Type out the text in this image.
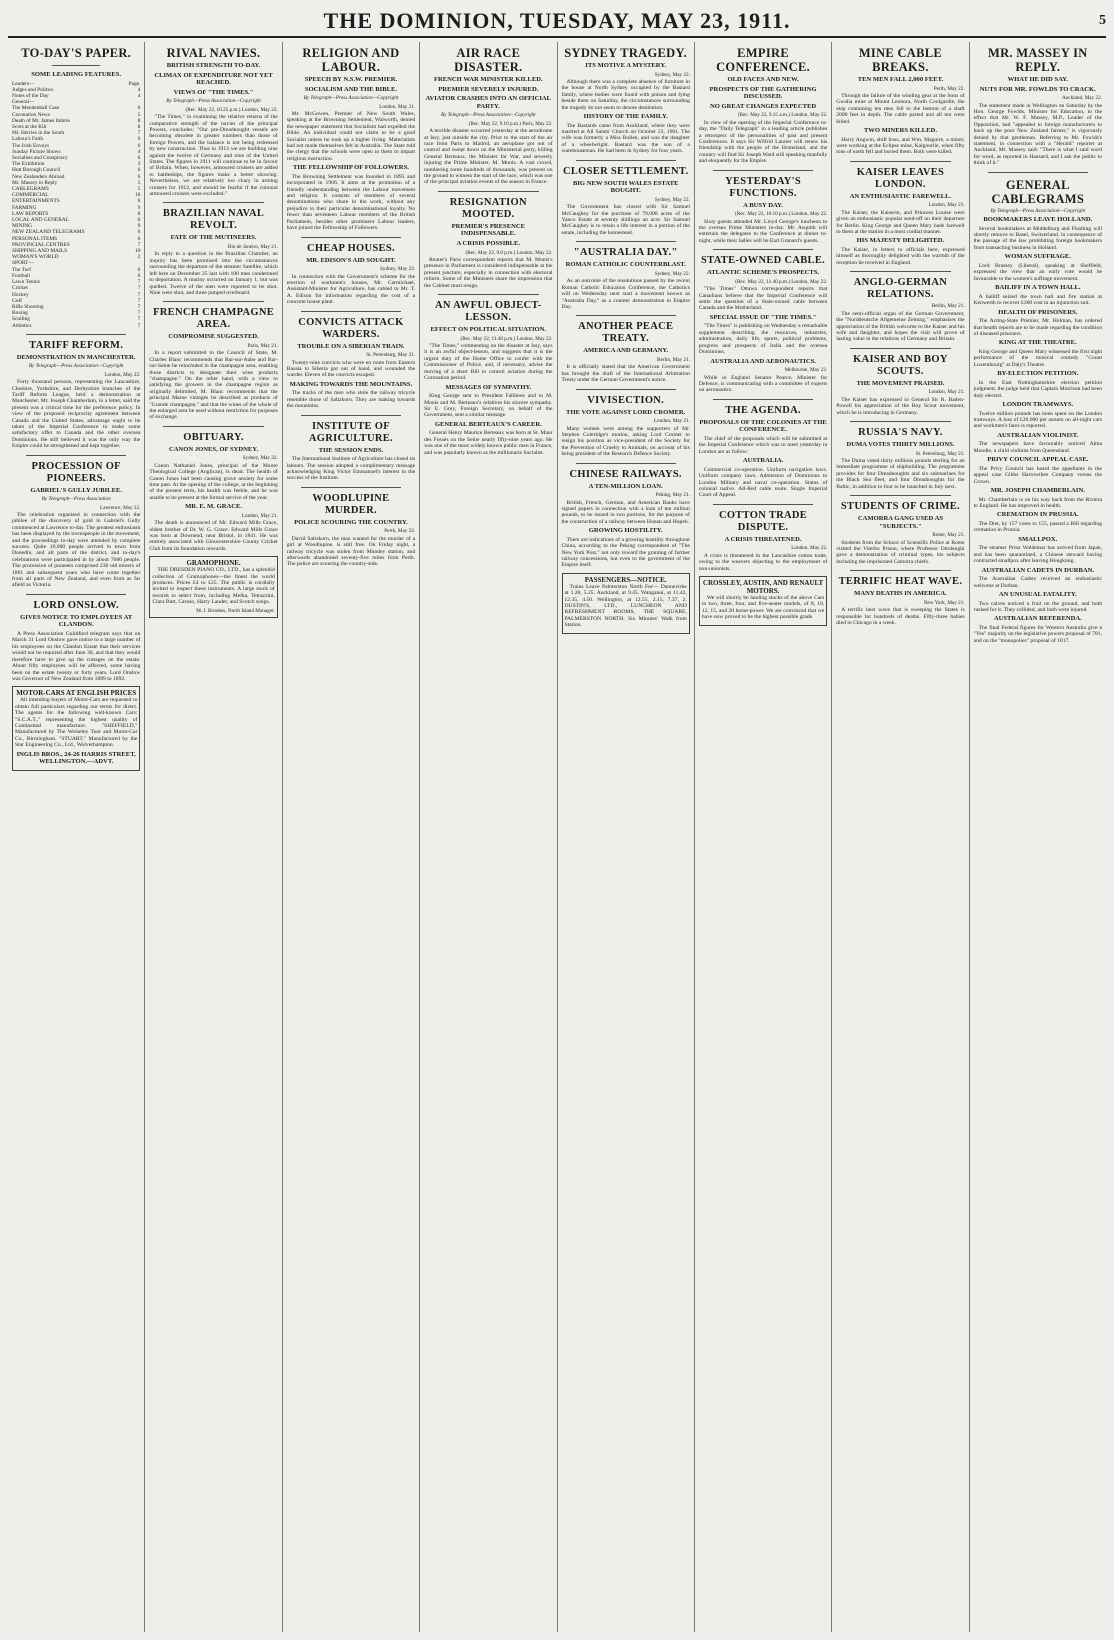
THE DOMINION, TUESDAY, MAY 23, 1911.	5
TO-DAY'S PAPER.
SOME LEADING FEATURES.
Leaders—	Page.
Judges and Politics	4
Notes of the Day	4
General—
The Mendenhall Case	6
Coronation News	5
Death of Mr. James Imbrie	8
Scots at the Kilt	8
Mr. Herries in the South	7
Labour's Faith	6
The Irish Envoys	6
Sunday Picture Shows	4
Socialists and Conspiracy	6
The Exhibition	3
Hutt Borough Council	6
New Zealanders Abroad	6
Mr. Massey in Reply	5
CABLEGRAMS	5
COMMERCIAL	10
ENTERTAINMENTS	6
FARMING	9
LAW REPORTS	8
LOCAL AND GENERAL	6
MINING	9
NEW ZEALAND TELEGRAMS	6
PERSONAL ITEMS	6
PROVINCIAL CENTRES	7
SHIPPING AND MAILS	10
WOMAN'S WORLD	2
SPORT—
The Turf	6
Football	6
Lawn Tennis	7
Cricket	7
Hockey	7
Golf	7
Rifle Shooting	7
Boxing	7
Sculling	7
Athletics	7
TARIFF REFORM.
DEMONSTRATION IN MANCHESTER.
By Telegraph—Press Association—Copyright
London, May 22.

Forty thousand persons, representing the Lancashire, Cheshire, Yorkshire, and Derbyshire branches of the Tariff Reform League, held a demonstration at Manchester. Mr. Joseph Chamberlain, in a letter, said the present was a critical time for the preference policy. In view of the proposed reciprocity agreement between Canada and the United States, advantage ought to be taken of the Imperial Conference to make some satisfactory offer to Canada and the other oversea Dominions. He still believed it was the only way the Empire could be strengthened and kept together.

PROCESSION OF PIONEERS.
GABRIEL'S GULLY JUBILEE.
By Telegraph—Press Association
Lawrence, May 22.

The celebration organised in connection with the jubilee of the discovery of gold in Gabriel's Gully commenced at Lawrence to-day. The greatest enthusiasm has been displayed by the townspeople in the movement, and the proceedings to-day were attended by complete success. Quite 10,000 people arrived in town from Dunedin, and all parts of the district, and to-day's celebrations were participated in by about 7000 people. The procession of pioneers comprised 230 old miners of 1861 and subsequent years who have come together from all parts of New Zealand, and even from as far afield as Victoria.

LORD ONSLOW.
GIVES NOTICE TO EMPLOYEES AT CLANDON.

A Press Association Guildford telegram says that on March 31 Lord Onslow gave notice to a large number of his employees on the Clandon Estate that their services would not be required after June 30, and that they would therefore have to give up the cottages on the estate. About fifty employees will be affected, some having been on the estate twenty or forty years. Lord Onslow was Governor of New Zealand from 1889 to 1892.

MOTOR-CARS AT ENGLISH PRICES

All intending buyers of Motor-Cars are requested to obtain full particulars regarding our terms for direct. The agents for the following well-known Cars: "S.C.A.T.," representing the highest quality of Continental manufacture. "SHEFFIELD," Manufactured by The Wolseley Tool and Motor-Car Co., Birmingham. "STUART," Manufactured by the Star Engineering Co., Ltd., Wolverhampton.

INGLIS BROS., 24-26 HARRIS STREET, WELLINGTON.—ADVT.
RIVAL NAVIES.
BRITISH STRENGTH TO-DAY.
CLIMAX OF EXPENDITURE NOT YET REACHED.
VIEWS OF "THE TIMES."
By Telegraph—Press Association—Copyright
(Rec. May 22, 10.25 p.m.) London, May 22.

"The Times," in examining the relative returns of the comparative strength of the navies of the principal Powers, concludes: "Our pre-Dreadnought vessels are becoming obsolete in greater numbers than those of foreign Powers, and the balance is not being redressed by new construction. Thus in 1913 we are building nine against the twelve of Germany and nine of the United States. The figures in 1911 will continue to be in favour of Britain. When, however, armoured cruisers are added to battleships, the figures make a better showing. Nevertheless, we are relatively too chary in arming cruisers for 1912, and should be fearful if the colonial armoured cruisers were excluded."

BRAZILIAN NAVAL REVOLT.
FATE OF THE MUTINEERS.
Rio de Janeiro, May 21.

In reply to a question in the Brazilian Chamber, an inquiry has been promised into the circumstances surrounding the departure of the steamer Satellite, which left here on December 25 last with 100 men condemned to deportation. A mutiny occurred on January 1, but was quelled. Twelve of the men were reported to be shot. Nine were shot, and three jumped overboard.

FRENCH CHAMPAGNE AREA.
COMPROMISE SUGGESTED.
Paris, May 21.

In a report submitted to the Council of State, M. Charles Blanc recommends that Bar-sur-Aube and Bar-sur-Seine be reincluded in the champagne area, enabling those districts to designate their wine products "champagne." On the other hand, with a view to satisfying the growers in the champagne region as originally delimited, M. Blanc recommends that the principal Marne vintages be described as products of "Grande champagne," and that the wines of the whole of the enlarged area be used without restriction for purposes of exchange.

OBITUARY.
CANON JONES, OF SYDNEY.
Sydney, May 22.

Canon Nathaniel Jones, principal of the Moore Theological College (Anglican), is dead. The health of Canon Jones had been causing grave anxiety for some time past. At the opening of the college, at the beginning of the present term, his health was feeble, and he was unable to be present at the formal service of the year.

MR. E. M. GRACE.
London, May 21.

The death is announced of Mr. Edward Mills Grace, oldest brother of Dr. W. G. Grace. Edward Mills Grace was born at Downend, near Bristol, in 1841. He was entirely associated with Gloucestershire County Cricket Club from its foundation onwards.

GRAMOPHONE.

THE DRESDEN PIANO CO., LTD., has a splendid collection of Gramophones—the finest the world produces. Prices £4 to £25. The public is cordially invited to inspect these instruments. A large stock of records to select from, including Melba, Tetrazzini, Clara Butt, Caruso, Harry Lauder, and Scotch songs.

M. J. Brookes, North Island Manager.
RELIGION AND LABOUR.
SPEECH BY N.S.W. PREMIER.
SOCIALISM AND THE BIBLE.
By Telegraph—Press Association—Copyright
London, May 21.

Mr. McGowen, Premier of New South Wales, speaking at the Browning Settlement, Walworth, denied the newspaper statement that Socialism had expelled the Bible. An individual could not claim to be a good Socialist unless he took up a higher living. Materialists had not made themselves felt in Australia. The State told the clergy that the schools were open to them to impart religious instruction.

THE FELLOWSHIP OF FOLLOWERS.

The Browning Settlement was founded in 1895 and incorporated in 1906. It aims at the promotion of a friendly understanding between the Labour movement and religion. It consists of members of several denominations who share in the work, without any prejudice to their particular denominational loyalty. No fewer than seventeen Labour members of the British Parliament, besides other prominent Labour leaders, have joined the Fellowship of Followers.

CHEAP HOUSES.
MR. EDISON'S AID SOUGHT.
Sydney, May 22.

In connection with the Government's scheme for the erection of workmen's houses, Mr. Carmichael, Assistant-Minister for Agriculture, has cabled to Mr. T. A. Edison for information regarding the cost of a concrete house plant.

CONVICTS ATTACK WARDERS.
TROUBLE ON A SIBERIAN TRAIN.
St. Petersburg, May 21.

Twenty-nine convicts who were en route from Eastern Russia to Siberia got out of hand, and wounded the warder. Eleven of the convicts escaped.

MAKING TOWARDS THE MOUNTAINS.

The tracks of the men who stole the railway tricycle resemble those of Saltzkorn. They are making towards the mountains.

INSTITUTE OF AGRICULTURE.
THE SESSION ENDS.

The International Institute of Agriculture has closed its labours. The session adopted a complimentary message acknowledging King Victor Emmanuel's interest in the success of the Institute.

WOODLUPINE MURDER.
POLICE SCOURING THE COUNTRY.
Perth, May 22.

David Saltzkorn, the man wanted for the murder of a girl at Woodlupine, is still free. On Friday night, a railway tricycle was stolen from Mundey station, and afterwards abandoned seventy-five miles from Perth. The police are scouring the country-side.

AIR RACE DISASTER.
FRENCH WAR MINISTER KILLED.
PREMIER SEVERELY INJURED.
AVIATOR CRASHES INTO AN OFFICIAL PARTY.
By Telegraph—Press Association—Copyright
(Rec. May 22, 9.10 p.m.) Paris, May 22.

A terrible disaster occurred yesterday at the aerodrome at Issy, just outside the city. Prior to the start of the air race from Paris to Madrid, an aeroplane got out of control and swept down on the Ministerial party, killing General Berteaux, the Minister for War, and severely injuring the Prime Minister, M. Monis. A vast crowd, numbering some hundreds of thousands, was present on the ground to witness the start of the race, which was one of the principal aviation events of the season in France.

RESIGNATION MOOTED.
PREMIER'S PRESENCE INDISPENSABLE.
A CRISIS POSSIBLE.
(Rec. May 22, 9.0 p.m.) London, May 22.

Reuter's Paris correspondent reports that M. Monis's presence in Parliament is considered indispensable at the present juncture, especially in connection with electoral reform. Some of the Ministers share the impression that the Cabinet must resign.

AN AWFUL OBJECT-LESSON.
EFFECT ON POLITICAL SITUATION.
(Rec. May 22, 11.40 p.m.) London, May 22.

"The Times," commenting on the disaster at Issy, says it is an awful object-lesson, and suggests that it is the urgent duty of the Home Office to confer with the Commissioner of Police, and, if necessary, advise the moving of a short Bill to control aviation during the Coronation period.

MESSAGES OF SYMPATHY.

King George sent to President Fallières and to M. Monis and M. Berteaux's relatives his sincere sympathy. Sir E. Grey, Foreign Secretary, on behalf of the Government, sent a similar message.

GENERAL BERTEAUX'S CAREER.

General Henry Maurice Berteaux was born at St. Maur des Fossés on the Seine nearly fifty-nine years ago. He was one of the most widely known public men in France, and was popularly known as the millionaire Socialist.

SYDNEY TRAGEDY.
ITS MOTIVE A MYSTERY.
Sydney, May 22.

Although there was a complete absence of furniture in the house at North Sydney occupied by the Bastard family, where bodies were found with poison and lying beside them on Saturday, the circumstances surrounding the tragedy do not seem to denote destitution.

HISTORY OF THE FAMILY.

The Bastards came from Auckland, where they were married at All Saints' Church on October 23, 1901. The wife was formerly a Miss Bullen, and was the daughter of a wheelwright. Bastard was the son of a warehouseman. He had been in Sydney for four years.

CLOSER SETTLEMENT.
BIG NEW SOUTH WALES ESTATE BOUGHT.
Sydney, May 22.

The Government has closed with Sir Samuel McCaughey for the purchase of 79,000 acres of the Yanco Estate at seventy shillings an acre. Sir Samuel McCaughey is to retain a life interest in a portion of the estate, including the homestead.

"AUSTRALIA DAY."
ROMAN CATHOLIC COUNTERBLAST.
Sydney, May 22.

As an outcome of the resolutions passed by the recent Roman Catholic Education Conference, the Catholics will on Wednesday next start a movement known as "Australia Day," as a counter demonstration to Empire Day.

ANOTHER PEACE TREATY.
AMERICA AND GERMANY.
Berlin, May 21.

It is officially stated that the American Government has brought the draft of the International Arbitration Treaty under the German Government's notice.

VIVISECTION.
THE VOTE AGAINST LORD CROMER.
London, May 21.

Many women were among the supporters of Mr. Stephen Coleridge's motion, asking Lord Cromer to resign his position as vice-president of the Society for the Prevention of Cruelty to Animals, on account of his being president of the Research Defence Society.

CHINESE RAILWAYS.
A TEN-MILLION LOAN.
Peking, May 21.

British, French, German, and American Banks have signed papers in connection with a loan of ten million pounds, to be issued in two portions, for the purpose of the construction of a railway between Hunan and Hupeh.

GROWING HOSTILITY.

There are indications of a growing hostility throughout China, according to the Peking correspondent of "The New York Post," not only toward the granting of further railway concessions, but even to the government of the Empire itself.

PASSENGERS—NOTICE.

Trains Leave Palmerston North For— Dannevirke at 1.20, 5.25. Auckland, at 9.45. Wanganui, at 11.42, 12.35, 4.50. Wellington, at 12.55, 2.15, 7.37, 2. DUSTIN'S, LTD., LUNCHEON AND REFRESHMENT ROOMS, THE SQUARE, PALMERSTON NORTH. Six Minutes' Walk from Station.

EMPIRE CONFERENCE.
OLD FACES AND NEW.
PROSPECTS OF THE GATHERING DISCUSSED.
NO GREAT CHANGES EXPECTED
(Rec. May 22, 9.15 a.m.) London, May 22.

In view of the opening of the Imperial Conference to-day, the "Daily Telegraph" in a leading article publishes a retrospect of the personalities of past and present Conferences. It says Sir Wilfrid Laurier will renew his friendship with the people of the Homeland, and the country will find Sir Joseph Ward still speaking manfully and eloquently for the Empire.

YESTERDAY'S FUNCTIONS.
A BUSY DAY.
(Rec. May 22, 10.10 p.m.) London, May 22.

Sixty guests attended Mr. Lloyd George's luncheon to the oversea Prime Ministers to-day. Mr. Asquith will entertain the delegates to the Conference at dinner to-night, while their ladies will be Earl Granard's guests.

STATE-OWNED CABLE.
ATLANTIC SCHEME'S PROSPECTS.
(Rec. May 22, 11.40 p.m.) London, May 22.

"The Times" Ottawa correspondent reports that Canadians believe that the Imperial Conference will settle the question of a State-owned cable between Canada and the Motherland.

SPECIAL ISSUE OF "THE TIMES."

"The Times" is publishing on Wednesday a remarkable supplement describing the resources, industries, administration, daily life, sports, political problems, progress and prospects of India and the oversea Dominions.

AUSTRALIA AND AERONAUTICS.
Melbourne, May 22.

While in England Senator Pearce, Minister for Defence, is communicating with a committee of experts on aeronautics.

THE AGENDA.
PROPOSALS OF THE COLONIES AT THE CONFERENCE.

The chief of the proposals which will be submitted at the Imperial Conference which was to meet yesterday in London are as follow:

AUSTRALIA.

Commercial co-operation. Uniform navigation laws. Uniform company laws. Admission of Dominions to London Military and naval co-operation. Status of colonial native. All-Red cable route. Single Imperial Court of Appeal.

COTTON TRADE DISPUTE.
A CRISIS THREATENED.
London, May 22.

A crisis is threatened in the Lancashire cotton trade, owing to the weavers objecting to the employment of non-unionists.

CROSSLEY, AUSTIN, AND RENAULT MOTORS.

We will shortly be landing stocks of the above Cars in two, three, four, and five-seater models, of 8, 10, 12, 15, and 20 horse-power. We are convinced that we have now proved to be the highest possible grade.

MINE CABLE BREAKS.
TEN MEN FALL 2,000 FEET.
Perth, May 22.

Through the failure of the winding gear at the Sons of Gwalia mine at Mount Leonora, North Coolgardie, the skip containing ten men fell to the bottom of a shaft 2000 feet in depth. The cable parted and all ten were killed.

TWO MINERS KILLED.

Harry Angwin, shift boss, and Wm. Maguire, a miner, were working at the Eclipse mine, Kalgoorlie, when fifty tons of earth fell and buried them. Both were killed.

KAISER LEAVES LONDON.
AN ENTHUSIASTIC FAREWELL.
London, May 21.

The Kaiser, the Kaiserin, and Princess Louise were given an enthusiastic popular send-off on their departure for Berlin. King George and Queen Mary bade farewell to them at the station in a most cordial manner.

HIS MAJESTY DELIGHTED.

The Kaiser, in letters to officials here, expressed himself as thoroughly delighted with the warmth of the reception he received in England.

ANGLO-GERMAN RELATIONS.
Berlin, May 21.

The semi-official organ of the German Government, the "Norddeutsche Allgemeine Zeitung," emphasises the appreciation of the British welcome to the Kaiser and his wife and daughter, and hopes the visit will prove of lasting value in the relations of Germany and Britain.

KAISER AND BOY SCOUTS.
THE MOVEMENT PRAISED.
London, May 21.

The Kaiser has expressed to General Sir R. Baden-Powell his appreciation of the Boy Scout movement, which he is introducing in Germany.

RUSSIA'S NAVY.
DUMA VOTES THIRTY MILLIONS.
St. Petersburg, May 21.

The Duma voted thirty millions pounds sterling for an immediate programme of shipbuilding. The programme provides for four Dreadnoughts and six submarines for the Black Sea fleet, and four Dreadnoughts for the Baltic, in addition to four to be launched in July next.

STUDENTS OF CRIME.
CAMORRA GANG USED AS "SUBJECTS."
Rome, May 21.

Students from the School of Scientific Police at Rome visited the Viterbo Prison, where Professor Ottolenghi gave a demonstration of criminal types, his subjects including the imprisoned Camorra chiefs.

TERRIFIC HEAT WAVE.
MANY DEATHS IN AMERICA.
New York, May 21.

A terrific heat wave that is sweeping the States is responsible for hundreds of deaths. Fifty-three babies died in Chicago in a week.

MR. MASSEY IN REPLY.
WHAT HE DID SAY.
NUTS FOR MR. FOWLDS TO CRACK.
Auckland, May 22.

The statement made in Wellington on Saturday by the Hon. George Fowlds, Minister for Education, to the effect that Mr. W. F. Massey, M.P., Leader of the Opposition, had "appealed to foreign manufacturers to back up the poor New Zealand farmer," is vigorously denied by that gentleman. Referring to Mr. Fowlds's statement, in connection with a "Herald" reporter at Auckland, Mr. Massey said: "There is what I said word for word, as reported in Hansard, and I ask the public to think of it."

GENERAL CABLEGRAMS
By Telegraph—Press Association—Copyright
BOOKMAKERS LEAVE HOLLAND.

Several bookmakers at Middelburg and Flushing will shortly remove to Basel, Switzerland, in consequence of the passage of the law prohibiting foreign bookmakers from transacting business in Holland.

WOMAN SUFFRAGE.

Lord Brassey (Liberal), speaking at Sheffield, expressed the view that an early vote would be favourable to the women's suffrage movement.

BAILIFF IN A TOWN HALL.

A bailiff seized the town hall and fire station at Kenwerth to recover £300 cost in an injunction suit.

HEALTH OF PRISONERS.

The Acting-State Premier, Mr. Holman, has ordered that health reports are to be made regarding the condition of diseased prisoners.

KING AT THE THEATRE.

King George and Queen Mary witnessed the first night performance of the musical comedy "Count Luxembourg" at Daly's Theatre.

BY-ELECTION PETITION.

In the East Nottinghamshire election petition judgment, the judge held that Captain Morrison had been duly elected.

LONDON TRAMWAYS.

Twelve million pounds has been spent on the London tramways. A loss of £20,000 per annum on all-night cars and workmen's fares is reported.

AUSTRALIAN VIOLINIST.

The newspapers have favourably noticed Alma Moodie, a child violinist from Queensland.

PRIVY COUNCIL APPEAL CASE.

The Privy Council has heard the appellants in the appeal case Gibbs Harrowthee Company versus the Crown.

MR. JOSEPH CHAMBERLAIN.

Mr. Chamberlain is on his way back from the Riviera to England. He has improved in health.

CREMATION IN PRUSSIA.

The Diet, by 157 votes to 155, passed a Bill regarding cremation in Prussia.

SMALLPOX.

The steamer Prinz Waldemar has arrived from Japan, and has been quarantined, a Chinese steward having contracted smallpox after leaving Hongkong.

AUSTRALIAN CADETS IN DURBAN.

The Australian Cadets received an enthusiastic welcome at Durban.

AN UNUSUAL FATALITY.

Two calves noticed a fruit on the ground, and both rushed for it. They collided, and both were injured.

AUSTRALIAN REFERENDA.

The final Federal figures for Western Australia give a "Yes" majority on the legislative powers proposal of 781, and on the "monopolies" proposal of 1017.
